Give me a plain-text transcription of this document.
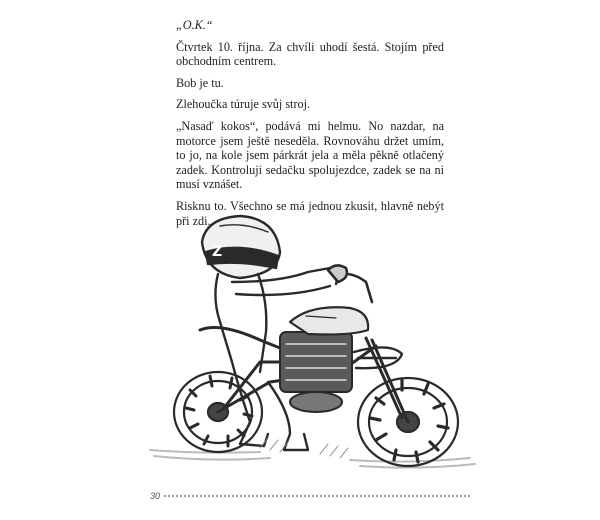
„O.K.“

Čtvrtek 10. října. Za chvíli uhodí šestá. Stojím před obchodním centrem.

Bob je tu.

Zlehoučka túruje svůj stroj.

„Nasaď kokos“, podává mi helmu. No nazdar, na motorce jsem ještě neseděla. Rovnováhu držet umím, to jo, na kole jsem párkrát jela a měla pěkně otlačený zadek. Kontroluji sedačku spolujezdce, zadek se na ni musí vznášet.

Risknu to. Všechno se má jednou zkusit, hlavně nebýt při zdi.

Z
30
